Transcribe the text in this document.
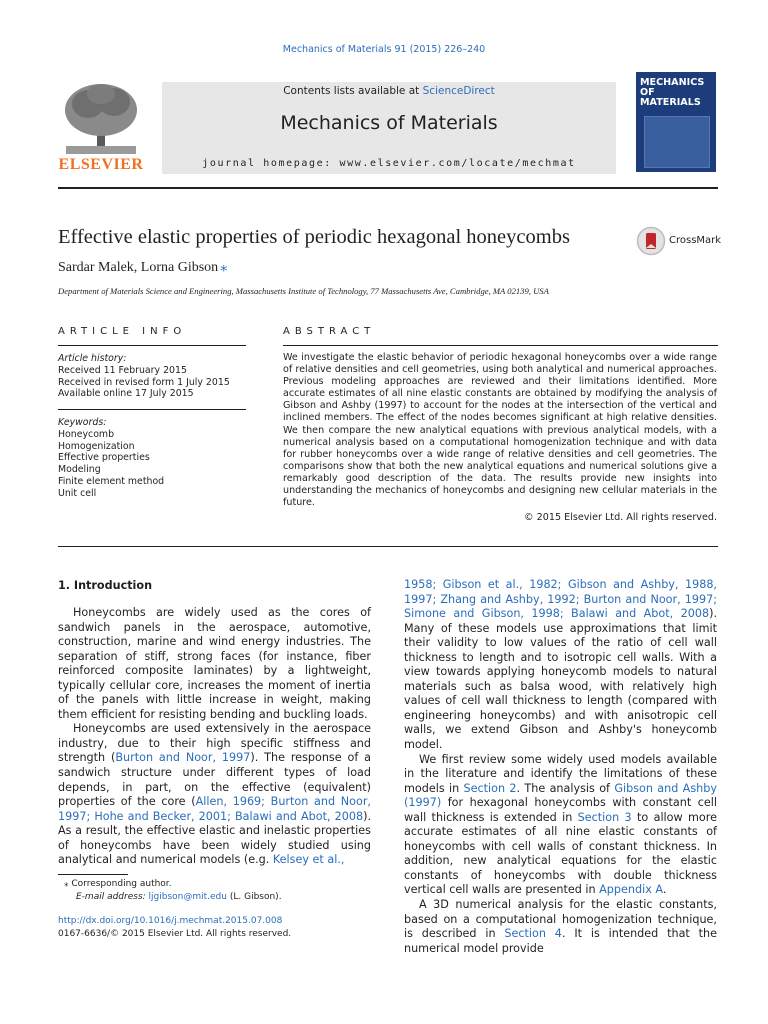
Mechanics of Materials 91 (2015) 226–240
ELSEVIER
Contents lists available at ScienceDirect
Mechanics of Materials
journal homepage: www.elsevier.com/locate/mechmat
MECHANICS
OF
MATERIALS
Effective elastic properties of periodic hexagonal honeycombs	CrossMark
Sardar Malek, Lorna Gibson ⁎
Department of Materials Science and Engineering, Massachusetts Institute of Technology, 77 Massachusetts Ave, Cambridge, MA 02139, USA
ARTICLE INFO
Article history:
Received 11 February 2015
Received in revised form 1 July 2015
Available online 17 July 2015
Keywords:
Honeycomb
Homogenization
Effective properties
Modeling
Finite element method
Unit cell
ABSTRACT
We investigate the elastic behavior of periodic hexagonal honeycombs over a wide range of relative densities and cell geometries, using both analytical and numerical approaches. Previous modeling approaches are reviewed and their limitations identified. More accurate estimates of all nine elastic constants are obtained by modifying the analysis of Gibson and Ashby (1997) to account for the nodes at the intersection of the vertical and inclined members. The effect of the nodes becomes significant at high relative densities. We then compare the new analytical equations with previous analytical models, with a numerical analysis based on a computational homogenization technique and with data for rubber honeycombs over a wide range of relative densities and cell geometries. The comparisons show that both the new analytical equations and numerical solutions give a remarkably good description of the data. The results provide new insights into understanding the mechanics of honeycombs and designing new cellular materials in the future.
© 2015 Elsevier Ltd. All rights reserved.
1. Introduction

Honeycombs are widely used as the cores of sandwich panels in the aerospace, automotive, construction, marine and wind energy industries. The separation of stiff, strong faces (for instance, fiber reinforced composite laminates) by a lightweight, typically cellular core, increases the moment of inertia of the panels with little increase in weight, making them efficient for resisting bending and buckling loads.

Honeycombs are used extensively in the aerospace industry, due to their high specific stiffness and strength (Burton and Noor, 1997). The response of a sandwich structure under different types of load depends, in part, on the effective (equivalent) properties of the core (Allen, 1969; Burton and Noor, 1997; Hohe and Becker, 2001; Balawi and Abot, 2008). As a result, the effective elastic and inelastic properties of honeycombs have been widely studied using analytical and numerical models (e.g. Kelsey et al.,

⁎ Corresponding author.
E-mail address: ljgibson@mit.edu (L. Gibson).
http://dx.doi.org/10.1016/j.mechmat.2015.07.008
0167-6636/© 2015 Elsevier Ltd. All rights reserved.

1958; Gibson et al., 1982; Gibson and Ashby, 1988, 1997; Zhang and Ashby, 1992; Burton and Noor, 1997; Simone and Gibson, 1998; Balawi and Abot, 2008). Many of these models use approximations that limit their validity to low values of the ratio of cell wall thickness to length and to isotropic cell walls. With a view towards applying honeycomb models to natural materials such as balsa wood, with relatively high values of cell wall thickness to length (compared with engineering honeycombs) and with anisotropic cell walls, we extend Gibson and Ashby's honeycomb model.

We first review some widely used models available in the literature and identify the limitations of these models in Section 2. The analysis of Gibson and Ashby (1997) for hexagonal honeycombs with constant cell wall thickness is extended in Section 3 to allow more accurate estimates of all nine elastic constants of honeycombs with cell walls of constant thickness. In addition, new analytical equations for the elastic constants of honeycombs with double thickness vertical cell walls are presented in Appendix A.

A 3D numerical analysis for the elastic constants, based on a computational homogenization technique, is described in Section 4. It is intended that the numerical model provide
